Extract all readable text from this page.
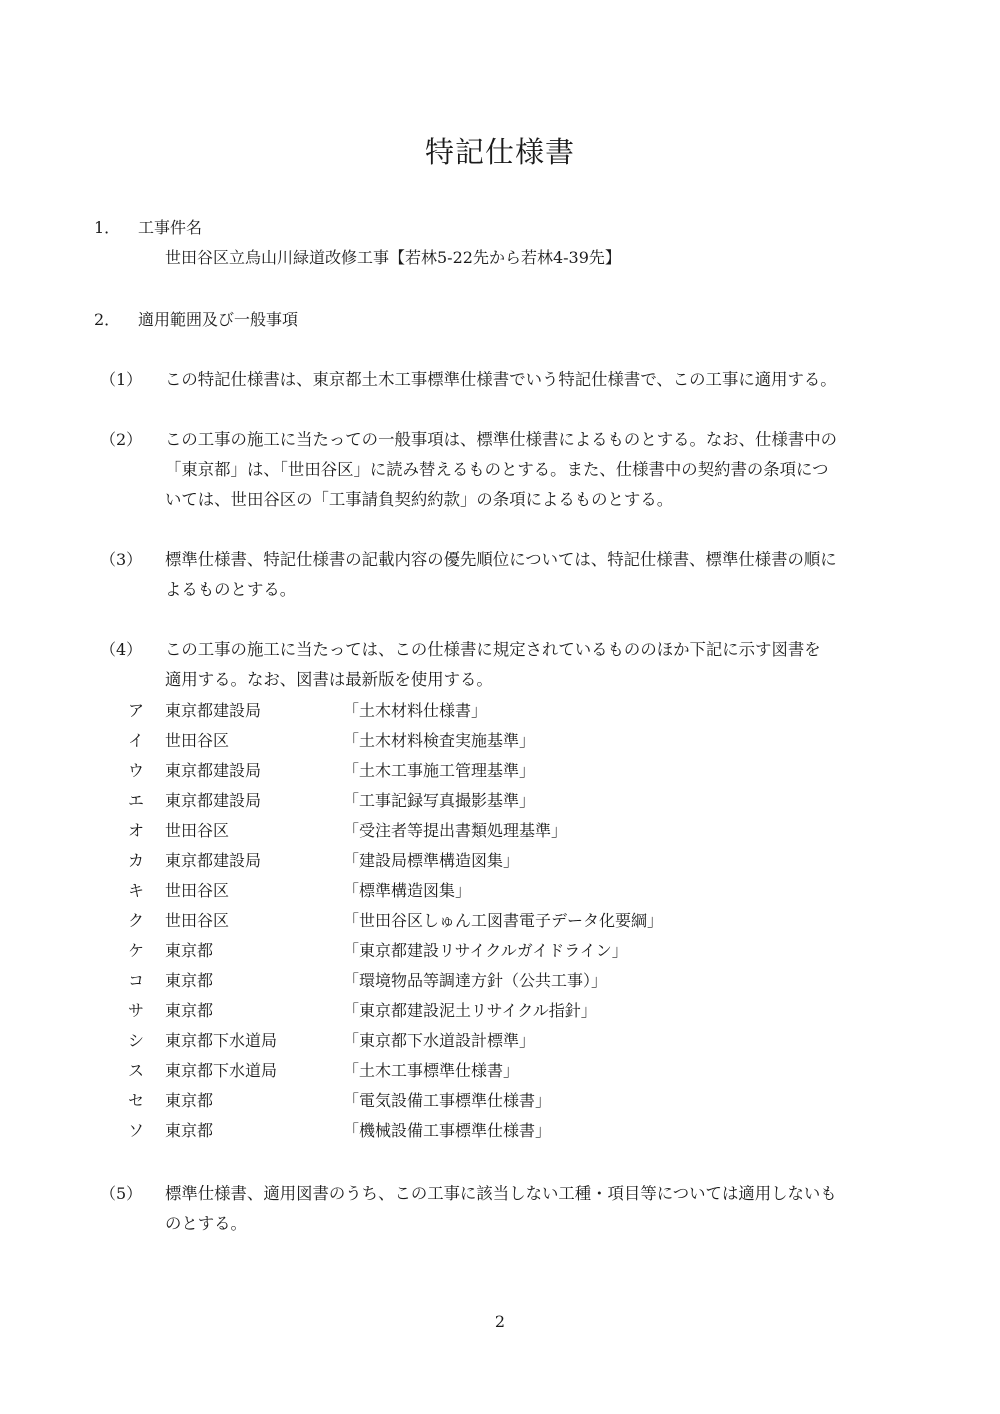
特記仕様書
1． 工事件名
世田谷区立烏山川緑道改修工事【若林5-22先から若林4-39先】
2． 適用範囲及び一般事項
（1） この特記仕様書は、東京都土木工事標準仕様書でいう特記仕様書で、この工事に適用する。
（2） この工事の施工に当たっての一般事項は、標準仕様書によるものとする。なお、仕様書中の
「東京都」は、「世田谷区」に読み替えるものとする。また、仕様書中の契約書の条項につ
いては、世田谷区の「工事請負契約約款」の条項によるものとする。
（3） 標準仕様書、特記仕様書の記載内容の優先順位については、特記仕様書、標準仕様書の順に
よるものとする。
（4） この工事の施工に当たっては、この仕様書に規定されているもののほか下記に示す図書を
適用する。なお、図書は最新版を使用する。
ア 東京都建設局	「土木材料仕様書」
イ 世田谷区	「土木材料検査実施基準」
ウ 東京都建設局	「土木工事施工管理基準」
エ 東京都建設局	「工事記録写真撮影基準」
オ 世田谷区	「受注者等提出書類処理基準」
カ 東京都建設局	「建設局標準構造図集」
キ 世田谷区	「標準構造図集」
ク 世田谷区	「世田谷区しゅん工図書電子データ化要綱」
ケ 東京都	「東京都建設リサイクルガイドライン」
コ 東京都	「環境物品等調達方針（公共工事）」
サ 東京都	「東京都建設泥土リサイクル指針」
シ 東京都下水道局	「東京都下水道設計標準」
ス 東京都下水道局	「土木工事標準仕様書」
セ 東京都	「電気設備工事標準仕様書」
ソ 東京都	「機械設備工事標準仕様書」
（5） 標準仕様書、適用図書のうち、この工事に該当しない工種・項目等については適用しないも
のとする。
2
